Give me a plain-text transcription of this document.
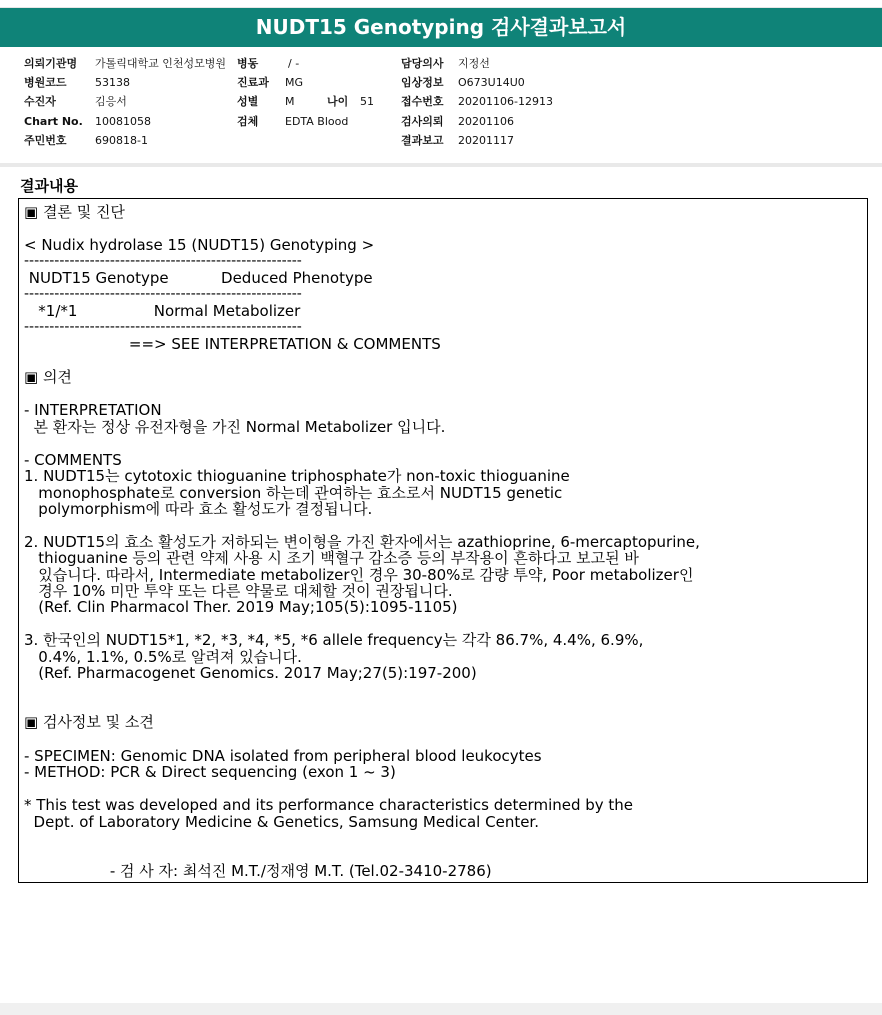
NUDT15 Genotyping 검사결과보고서
의뢰기관명 가톨릭대학교 인천성모병원 병동	/ -	담당의사 지정선
병원코드	53138	진료과 MG	임상정보 O673U14U0
수진자	김응서	성별 M	나이 51 접수번호 20201106-12913
Chart No. 10081058	검체 EDTA Blood	검사의뢰 20201106
주민번호	690818-1	결과보고 20201117
결과내용
▣ 결론 및 진단
< Nudix hydrolase 15 (NUDT15) Genotyping >
-------------------------------------------------------
NUDT15 Genotype           Deduced Phenotype
-------------------------------------------------------
*1/*1                Normal Metabolizer
-------------------------------------------------------
==> SEE INTERPRETATION & COMMENTS
▣ 의견
- INTERPRETATION
본 환자는 정상 유전자형을 가진 Normal Metabolizer 입니다.
- COMMENTS
1. NUDT15는 cytotoxic thioguanine triphosphate가 non-toxic thioguanine
monophosphate로 conversion 하는데 관여하는 효소로서 NUDT15 genetic
polymorphism에 따라 효소 활성도가 결정됩니다.
2. NUDT15의 효소 활성도가 저하되는 변이형을 가진 환자에서는 azathioprine, 6-mercaptopurine,
thioguanine 등의 관련 약제 사용 시 조기 백혈구 감소증 등의 부작용이 흔하다고 보고된 바
있습니다. 따라서, Intermediate metabolizer인 경우 30-80%로 감량 투약, Poor metabolizer인
경우 10% 미만 투약 또는 다른 약물로 대체할 것이 권장됩니다.
(Ref. Clin Pharmacol Ther. 2019 May;105(5):1095-1105)
3. 한국인의 NUDT15*1, *2, *3, *4, *5, *6 allele frequency는 각각 86.7%, 4.4%, 6.9%,
0.4%, 1.1%, 0.5%로 알려져 있습니다.
(Ref. Pharmacogenet Genomics. 2017 May;27(5):197-200)
▣ 검사정보 및 소견
- SPECIMEN: Genomic DNA isolated from peripheral blood leukocytes
- METHOD: PCR & Direct sequencing (exon 1 ~ 3)
* This test was developed and its performance characteristics determined by the
Dept. of Laboratory Medicine & Genetics, Samsung Medical Center.
- 검 사 자: 최석진 M.T./정재영 M.T. (Tel.02-3410-2786)
